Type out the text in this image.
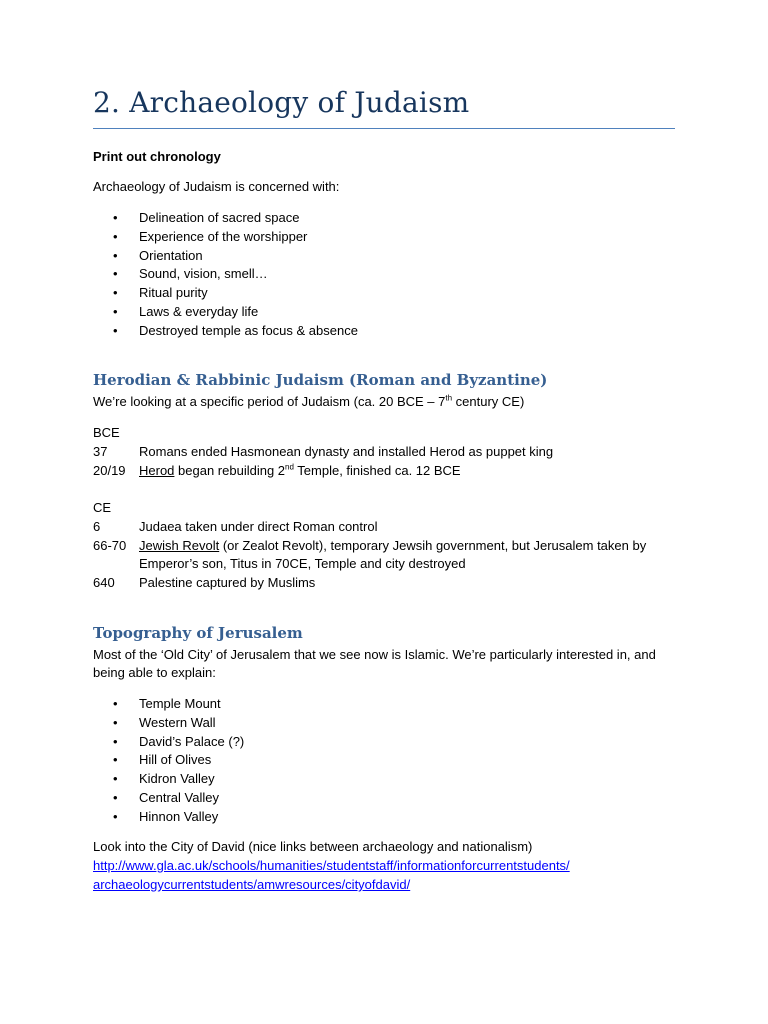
2. Archaeology of Judaism
Print out chronology
Archaeology of Judaism is concerned with:
•	Delineation of sacred space
•	Experience of the worshipper
•	Orientation
•	Sound, vision, smell…
•	Ritual purity
•	Laws & everyday life
•	Destroyed temple as focus & absence
Herodian & Rabbinic Judaism (Roman and Byzantine)
We’re looking at a specific period of Judaism (ca. 20 BCE – 7th century CE)
BCE
37 Romans ended Hasmonean dynasty and installed Herod as puppet king
20/19 Herod began rebuilding 2nd Temple, finished ca. 12 BCE
CE
6	Judaea taken under direct Roman control
66-70 Jewish Revolt (or Zealot Revolt), temporary Jewsih government, but Jerusalem taken by
Emperor’s son, Titus in 70CE, Temple and city destroyed
640 Palestine captured by Muslims
Topography of Jerusalem
Most of the ‘Old City’ of Jerusalem that we see now is Islamic. We’re particularly interested in, and
being able to explain:
•	Temple Mount
•	Western Wall
•	David’s Palace (?)
•	Hill of Olives
•	Kidron Valley
•	Central Valley
•	Hinnon Valley
Look into the City of David (nice links between archaeology and nationalism)
http://www.gla.ac.uk/schools/humanities/studentstaff/informationforcurrentstudents/
archaeologycurrentstudents/amwresources/cityofdavid/
